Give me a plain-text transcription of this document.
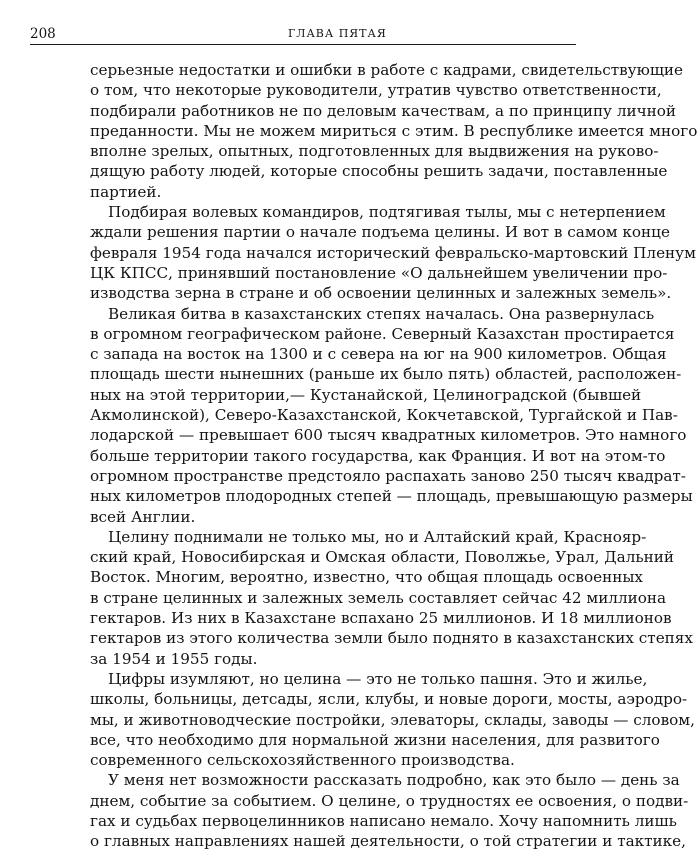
208	ГЛАВА ПЯТАЯ
серьезные недостатки и ошибки в работе с кадрами, свидетельствующие
о том, что некоторые руководители, утратив чувство ответственности,
подбирали работников не по деловым качествам, а по принципу личной
преданности. Мы не можем мириться с этим. В республике имеется много
вполне зрелых, опытных, подготовленных для выдвижения на руково-
дящую работу людей, которые способны решить задачи, поставленные
партией.
Подбирая волевых командиров, подтягивая тылы, мы с нетерпением
ждали решения партии о начале подъема целины. И вот в самом конце
февраля 1954 года начался исторический февральско-мартовский Пленум
ЦК КПСС, принявший постановление «О дальнейшем увеличении про-
изводства зерна в стране и об освоении целинных и залежных земель».
Великая битва в казахстанских степях началась. Она развернулась
в огромном географическом районе. Северный Казахстан простирается
с запада на восток на 1300 и с севера на юг на 900 километров. Общая
площадь шести нынешних (раньше их было пять) областей, расположен-
ных на этой территории,— Кустанайской, Целиноградской (бывшей
Акмолинской), Северо-Казахстанской, Кокчетавской, Тургайской и Пав-
лодарской — превышает 600 тысяч квадратных километров. Это намного
больше территории такого государства, как Франция. И вот на этом-то
огромном пространстве предстояло распахать заново 250 тысяч квадрат-
ных километров плодородных степей — площадь, превышающую размеры
всей Англии.
Целину поднимали не только мы, но и Алтайский край, Краснояр-
ский край, Новосибирская и Омская области, Поволжье, Урал, Дальний
Восток. Многим, вероятно, известно, что общая площадь освоенных
в стране целинных и залежных земель составляет сейчас 42 миллиона
гектаров. Из них в Казахстане вспахано 25 миллионов. И 18 миллионов
гектаров из этого количества земли было поднято в казахстанских степях
за 1954 и 1955 годы.
Цифры изумляют, но целина — это не только пашня. Это и жилье,
школы, больницы, детсады, ясли, клубы, и новые дороги, мосты, аэродро-
мы, и животноводческие постройки, элеваторы, склады, заводы — словом,
все, что необходимо для нормальной жизни населения, для развитого
современного сельскохозяйственного производства.
У меня нет возможности рассказать подробно, как это было — день за
днем, событие за событием. О целине, о трудностях ее освоения, о подви-
гах и судьбах первоцелинников написано немало. Хочу напомнить лишь
о главных направлениях нашей деятельности, о той стратегии и тактике,
